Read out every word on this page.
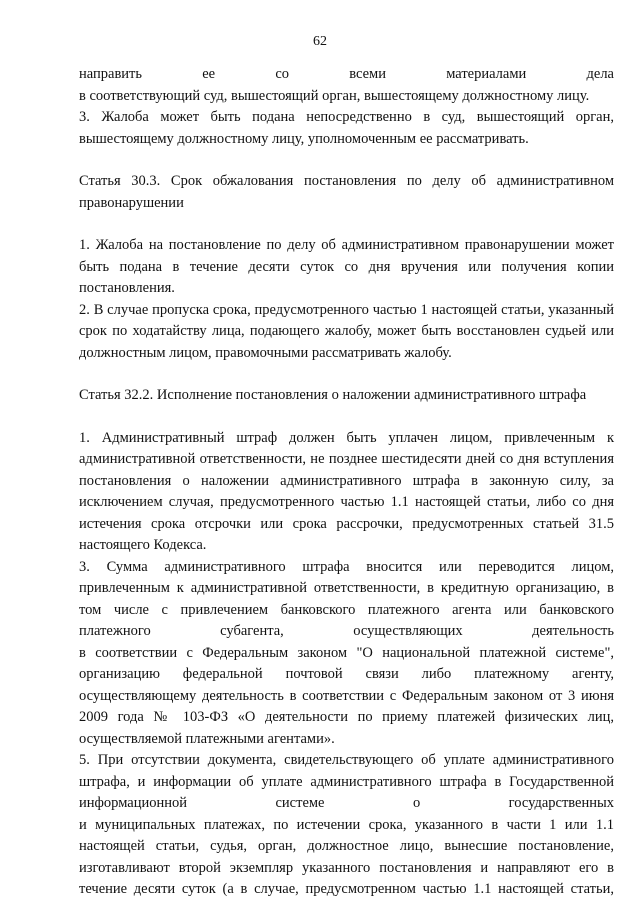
62

направить ее со всеми материалами дела

в соответствующий суд, вышестоящий орган, вышестоящему должностному лицу.

3. Жалоба может быть подана непосредственно в суд, вышестоящий орган, вышестоящему должностному лицу, уполномоченным ее рассматривать.

Статья 30.3. Срок обжалования постановления по делу об административном правонарушении

1. Жалоба на постановление по делу об административном правонарушении может быть подана в течение десяти суток со дня вручения или получения копии постановления.

2. В случае пропуска срока, предусмотренного частью 1 настоящей статьи, указанный срок по ходатайству лица, подающего жалобу, может быть восстановлен судьей или должностным лицом, правомочными рассматривать жалобу.

Статья 32.2. Исполнение постановления о наложении административного штрафа

1. Административный штраф должен быть уплачен лицом, привлеченным к административной ответственности, не позднее шестидесяти дней со дня вступления постановления о наложении административного штрафа в законную силу, за исключением случая, предусмотренного частью 1.1 настоящей статьи, либо со дня истечения срока отсрочки или срока рассрочки, предусмотренных статьей 31.5 настоящего Кодекса.

3. Сумма административного штрафа вносится или переводится лицом, привлеченным к административной ответственности, в кредитную организацию, в том числе с привлечением банковского платежного агента или банковского платежного субагента, осуществляющих деятельность

в соответствии с Федеральным законом "О национальной платежной системе", организацию федеральной почтовой связи либо платежному агенту, осуществляющему деятельность в соответствии с Федеральным законом от 3 июня 2009 года № 103-ФЗ «О деятельности по приему платежей физических лиц, осуществляемой платежными агентами».

5. При отсутствии документа, свидетельствующего об уплате административного штрафа, и информации об уплате административного штрафа в Государственной информационной системе о государственных

и муниципальных платежах, по истечении срока, указанного в части 1 или 1.1 настоящей статьи, судья, орган, должностное лицо, вынесшие постановление, изготавливают второй экземпляр указанного постановления и направляют его в течение десяти суток (а в случае, предусмотренном частью 1.1 настоящей статьи,
